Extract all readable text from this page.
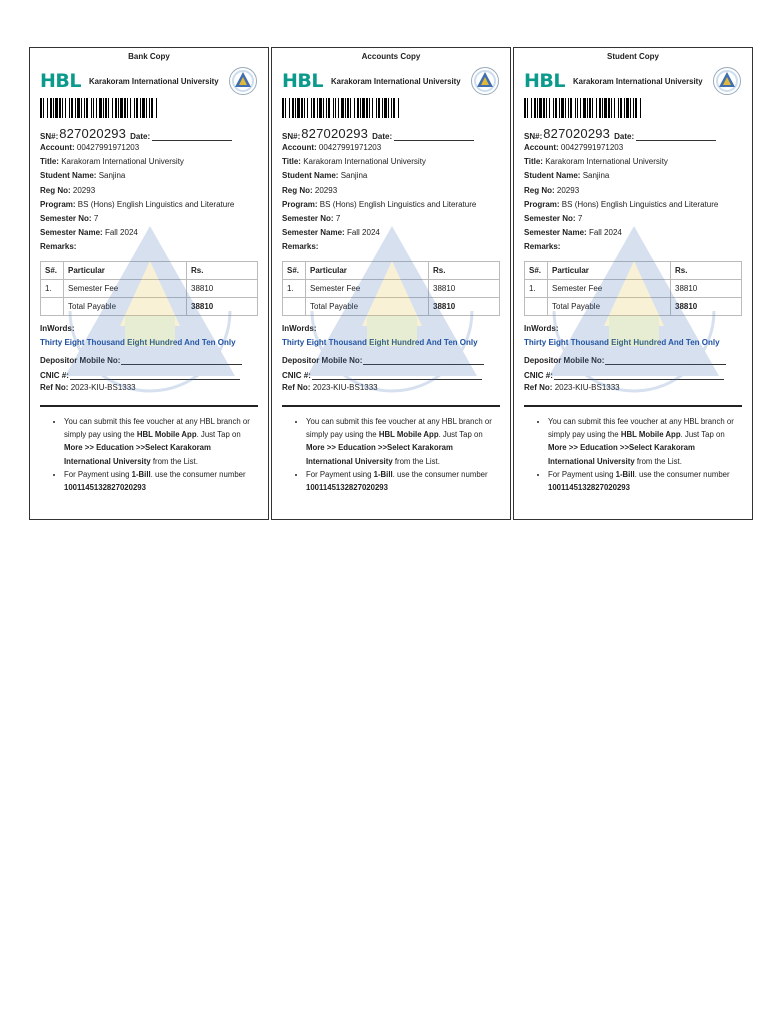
Bank Copy
HBL Karakoram International University
SN#: 827020293 Date:
Account: 00427991971203
Title: Karakoram International University
Student Name: Sanjina
Reg No: 20293
Program: BS (Hons) English Linguistics and Literature
Semester No: 7
Semester Name: Fall 2024
Remarks:
S#.	Particular	Rs.
1.	Semester Fee	38810
	Total Payable	38810
InWords:
Thirty Eight Thousand Eight Hundred And Ten Only
Depositor Mobile No:
CNIC #:
Ref No: 2023-KIU-BS1333
• You can submit this fee voucher at any HBL branch or simply pay using the HBL Mobile App. Just Tap on More >> Education >>Select Karakoram International University from the List.
• For Payment using 1-Bill. use the consumer number 1001145132827020293
Accounts Copy
HBL Karakoram International University
SN#: 827020293 Date:
Account: 00427991971203
Title: Karakoram International University
Student Name: Sanjina
Reg No: 20293
Program: BS (Hons) English Linguistics and Literature
Semester No: 7
Semester Name: Fall 2024
Remarks:
S#.	Particular	Rs.
1.	Semester Fee	38810
	Total Payable	38810
InWords:
Thirty Eight Thousand Eight Hundred And Ten Only
Depositor Mobile No:
CNIC #:
Ref No: 2023-KIU-BS1333
• You can submit this fee voucher at any HBL branch or simply pay using the HBL Mobile App. Just Tap on More >> Education >>Select Karakoram International University from the List.
• For Payment using 1-Bill. use the consumer number 1001145132827020293
Student Copy
HBL Karakoram International University
SN#: 827020293 Date:
Account: 00427991971203
Title: Karakoram International University
Student Name: Sanjina
Reg No: 20293
Program: BS (Hons) English Linguistics and Literature
Semester No: 7
Semester Name: Fall 2024
Remarks:
S#.	Particular	Rs.
1.	Semester Fee	38810
	Total Payable	38810
InWords:
Thirty Eight Thousand Eight Hundred And Ten Only
Depositor Mobile No:
CNIC #:
Ref No: 2023-KIU-BS1333
• You can submit this fee voucher at any HBL branch or simply pay using the HBL Mobile App. Just Tap on More >> Education >>Select Karakoram International University from the List.
• For Payment using 1-Bill. use the consumer number 1001145132827020293
